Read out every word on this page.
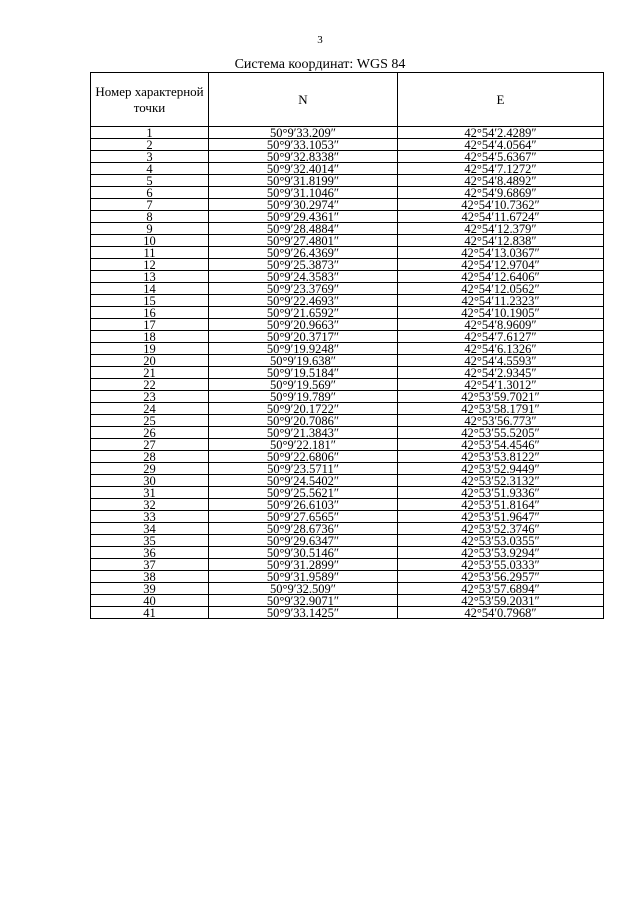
3
Система координат: WGS 84
Номер характерной точки	N	E
1	50°9′33.209″	42°54′2.4289″
2	50°9′33.1053″	42°54′4.0564″
3	50°9′32.8338″	42°54′5.6367″
4	50°9′32.4014″	42°54′7.1272″
5	50°9′31.8199″	42°54′8.4892″
6	50°9′31.1046″	42°54′9.6869″
7	50°9′30.2974″	42°54′10.7362″
8	50°9′29.4361″	42°54′11.6724″
9	50°9′28.4884″	42°54′12.379″
10	50°9′27.4801″	42°54′12.838″
11	50°9′26.4369″	42°54′13.0367″
12	50°9′25.3873″	42°54′12.9704″
13	50°9′24.3583″	42°54′12.6406″
14	50°9′23.3769″	42°54′12.0562″
15	50°9′22.4693″	42°54′11.2323″
16	50°9′21.6592″	42°54′10.1905″
17	50°9′20.9663″	42°54′8.9609″
18	50°9′20.3717″	42°54′7.6127″
19	50°9′19.9248″	42°54′6.1326″
20	50°9′19.638″	42°54′4.5593″
21	50°9′19.5184″	42°54′2.9345″
22	50°9′19.569″	42°54′1.3012″
23	50°9′19.789″	42°53′59.7021″
24	50°9′20.1722″	42°53′58.1791″
25	50°9′20.7086″	42°53′56.773″
26	50°9′21.3843″	42°53′55.5205″
27	50°9′22.181″	42°53′54.4546″
28	50°9′22.6806″	42°53′53.8122″
29	50°9′23.5711″	42°53′52.9449″
30	50°9′24.5402″	42°53′52.3132″
31	50°9′25.5621″	42°53′51.9336″
32	50°9′26.6103″	42°53′51.8164″
33	50°9′27.6565″	42°53′51.9647″
34	50°9′28.6736″	42°53′52.3746″
35	50°9′29.6347″	42°53′53.0355″
36	50°9′30.5146″	42°53′53.9294″
37	50°9′31.2899″	42°53′55.0333″
38	50°9′31.9589″	42°53′56.2957″
39	50°9′32.509″	42°53′57.6894″
40	50°9′32.9071″	42°53′59.2031″
41	50°9′33.1425″	42°54′0.7968″
